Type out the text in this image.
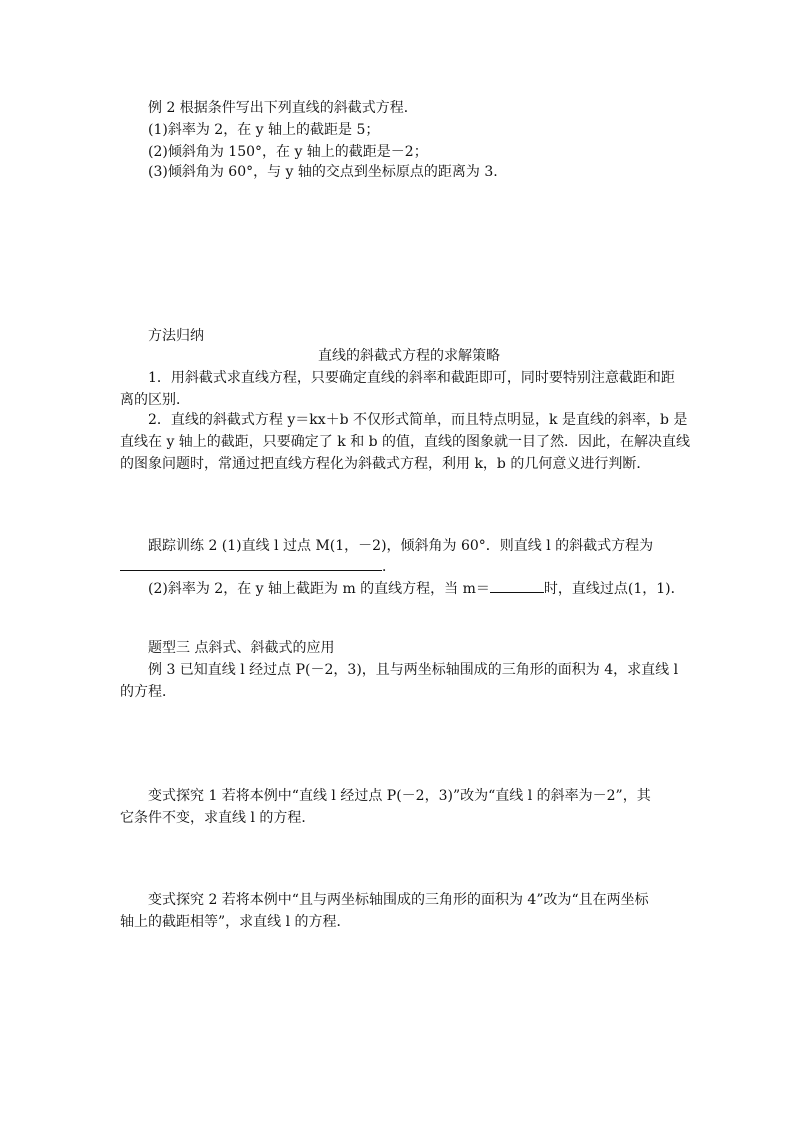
例 2 根据条件写出下列直线的斜截式方程．
(1)斜率为 2，在 y 轴上的截距是 5；
(2)倾斜角为 150°，在 y 轴上的截距是－2；
(3)倾斜角为 60°，与 y 轴的交点到坐标原点的距离为 3.
方法归纳
直线的斜截式方程的求解策略
1．用斜截式求直线方程，只要确定直线的斜率和截距即可，同时要特别注意截距和距
离的区别．
2．直线的斜截式方程 y＝kx＋b 不仅形式简单，而且特点明显，k 是直线的斜率，b 是
直线在 y 轴上的截距，只要确定了 k 和 b 的值，直线的图象就一目了然．因此，在解决直线
的图象问题时，常通过把直线方程化为斜截式方程，利用 k，b 的几何意义进行判断．
跟踪训练 2 (1)直线 l 过点 M(1，－2)，倾斜角为 60°．则直线 l 的斜截式方程为
．
(2)斜率为 2，在 y 轴上截距为 m 的直线方程，当 m＝	时，直线过点(1，1)．
题型三 点斜式、斜截式的应用
例 3 已知直线 l 经过点 P(－2，3)，且与两坐标轴围成的三角形的面积为 4，求直线 l
的方程．
变式探究 1 若将本例中“直线 l 经过点 P(－2，3)”改为“直线 l 的斜率为－2”，其
它条件不变，求直线 l 的方程．
变式探究 2 若将本例中“且与两坐标轴围成的三角形的面积为 4”改为“且在两坐标
轴上的截距相等”，求直线 l 的方程．
